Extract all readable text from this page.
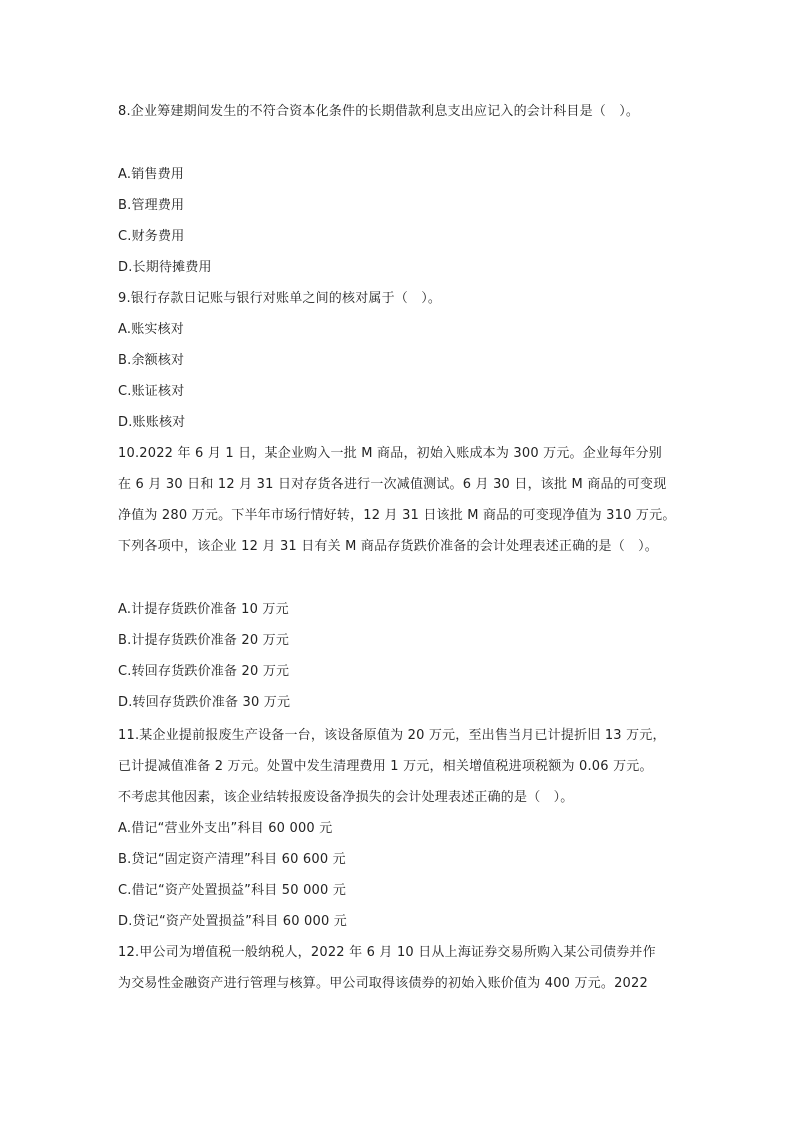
8.企业筹建期间发生的不符合资本化条件的长期借款利息支出应记入的会计科目是（　）。
A.销售费用
B.管理费用
C.财务费用
D.长期待摊费用
9.银行存款日记账与银行对账单之间的核对属于（　）。
A.账实核对
B.余额核对
C.账证核对
D.账账核对
10.2022 年 6 月 1 日，某企业购入一批 M 商品，初始入账成本为 300 万元。企业每年分别
在 6 月 30 日和 12 月 31 日对存货各进行一次减值测试。6 月 30 日，该批 M 商品的可变现
净值为 280 万元。下半年市场行情好转，12 月 31 日该批 M 商品的可变现净值为 310 万元。
下列各项中，该企业 12 月 31 日有关 M 商品存货跌价准备的会计处理表述正确的是（　）。
A.计提存货跌价准备 10 万元
B.计提存货跌价准备 20 万元
C.转回存货跌价准备 20 万元
D.转回存货跌价准备 30 万元
11.某企业提前报废生产设备一台，该设备原值为 20 万元，至出售当月已计提折旧 13 万元，
已计提减值准备 2 万元。处置中发生清理费用 1 万元，相关增值税进项税额为 0.06 万元。
不考虑其他因素，该企业结转报废设备净损失的会计处理表述正确的是（　）。
A.借记“营业外支出”科目 60 000 元
B.贷记“固定资产清理”科目 60 600 元
C.借记“资产处置损益”科目 50 000 元
D.贷记“资产处置损益”科目 60 000 元
12.甲公司为增值税一般纳税人，2022 年 6 月 10 日从上海证券交易所购入某公司债券并作
为交易性金融资产进行管理与核算。甲公司取得该债券的初始入账价值为 400 万元。2022
